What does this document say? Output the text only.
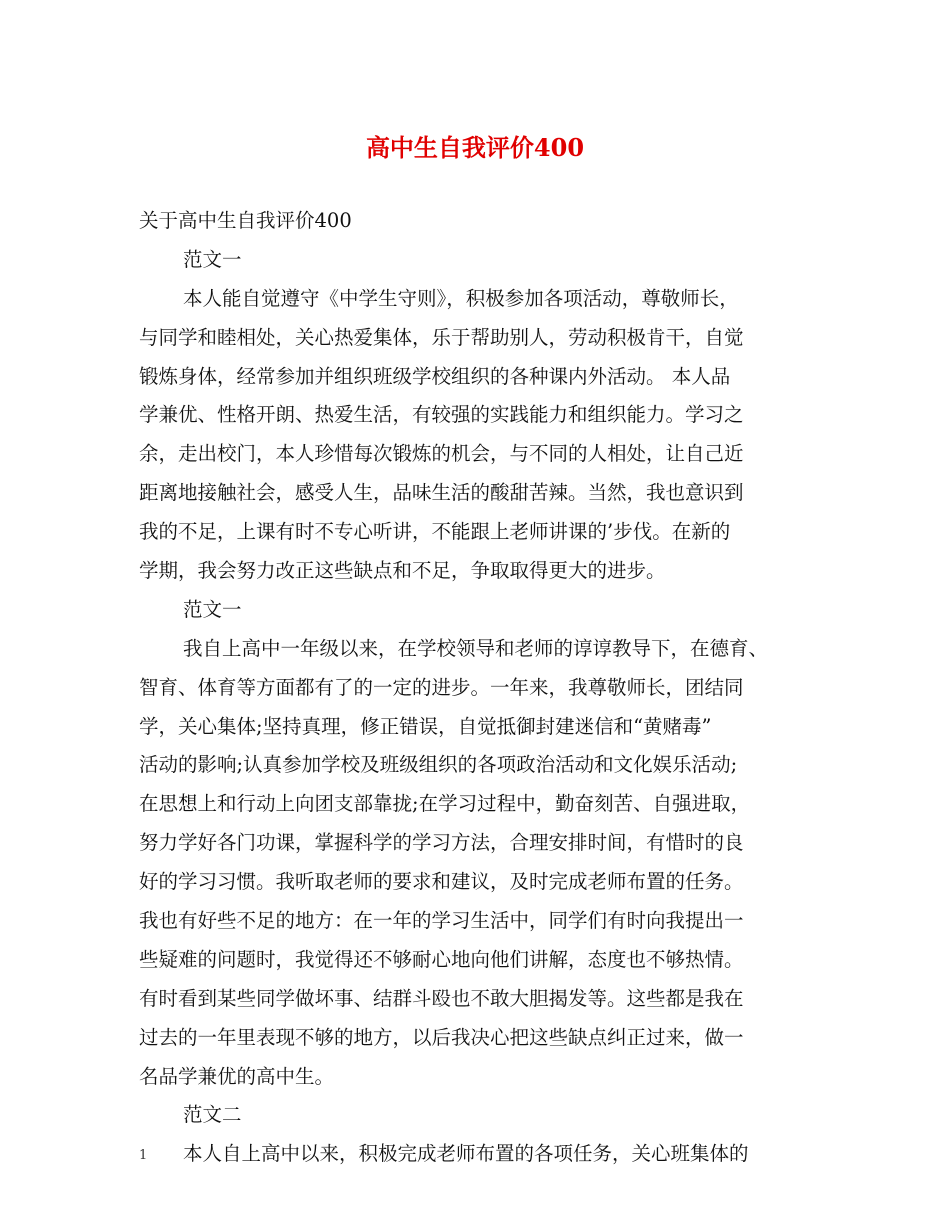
高中生自我评价400
关于高中生自我评价400
范文一
本人能自觉遵守《中学生守则》，积极参加各项活动，尊敬师长，
与同学和睦相处，关心热爱集体，乐于帮助别人，劳动积极肯干，自觉
锻炼身体，经常参加并组织班级学校组织的各种课内外活动。 本人品
学兼优、性格开朗、热爱生活，有较强的实践能力和组织能力。学习之
余，走出校门，本人珍惜每次锻炼的机会，与不同的人相处，让自己近
距离地接触社会，感受人生，品味生活的酸甜苦辣。当然，我也意识到
我的不足，上课有时不专心听讲，不能跟上老师讲课的’步伐。在新的
学期，我会努力改正这些缺点和不足，争取取得更大的进步。
范文一
我自上高中一年级以来，在学校领导和老师的谆谆教导下，在德育、
智育、体育等方面都有了的一定的进步。一年来，我尊敬师长，团结同
学，关心集体;坚持真理，修正错误，自觉抵御封建迷信和“黄赌毒”
活动的影响;认真参加学校及班级组织的各项政治活动和文化娱乐活动;
在思想上和行动上向团支部靠拢;在学习过程中，勤奋刻苦、自强进取，
努力学好各门功课，掌握科学的学习方法，合理安排时间，有惜时的良
好的学习习惯。我听取老师的要求和建议，及时完成老师布置的任务。
我也有好些不足的地方：在一年的学习生活中，同学们有时向我提出一
些疑难的问题时，我觉得还不够耐心地向他们讲解，态度也不够热情。
有时看到某些同学做坏事、结群斗殴也不敢大胆揭发等。这些都是我在
过去的一年里表现不够的地方，以后我决心把这些缺点纠正过来，做一
名品学兼优的高中生。
范文二
本人自上高中以来，积极完成老师布置的各项任务，关心班集体的
1
